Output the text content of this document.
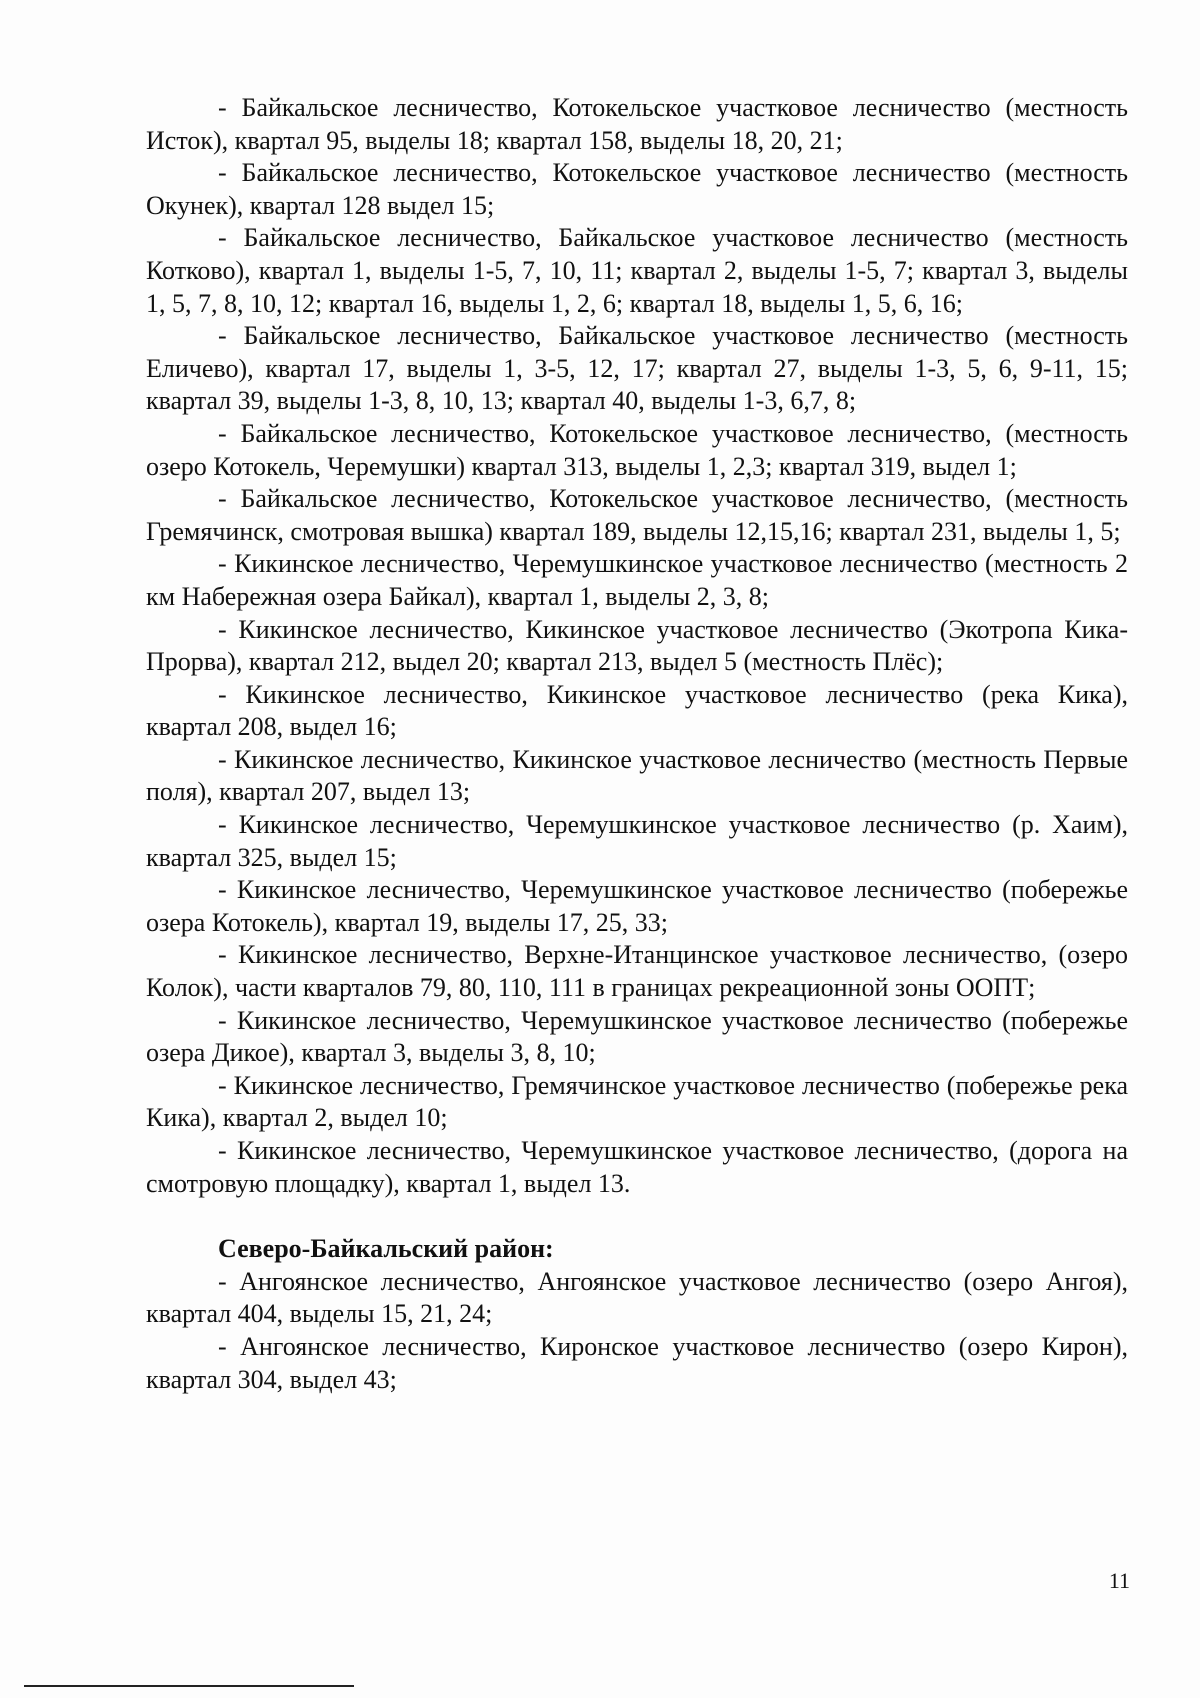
- Байкальское лесничество, Котокельское участковое лесничество (местность Исток), квартал 95, выделы 18; квартал 158, выделы 18, 20, 21;

- Байкальское лесничество, Котокельское участковое лесничество (местность Окунек), квартал 128 выдел 15;

- Байкальское лесничество, Байкальское участковое лесничество (местность Котково), квартал 1, выделы 1-5, 7, 10, 11; квартал 2, выделы 1-5, 7; квартал 3, выделы 1, 5, 7, 8, 10, 12; квартал 16, выделы 1, 2, 6; квартал 18, выделы 1, 5, 6, 16;

- Байкальское лесничество, Байкальское участковое лесничество (местность Еличево), квартал 17, выделы 1, 3-5, 12, 17; квартал 27, выделы 1-3, 5, 6, 9-11, 15; квартал 39, выделы 1-3, 8, 10, 13; квартал 40, выделы 1-3, 6,7, 8;

- Байкальское лесничество, Котокельское участковое лесничество, (местность озеро Котокель, Черемушки) квартал 313, выделы 1, 2,3; квартал 319, выдел 1;

- Байкальское лесничество, Котокельское участковое лесничество, (местность Гремячинск, смотровая вышка) квартал 189, выделы 12,15,16; квартал 231, выделы 1, 5;

- Кикинское лесничество, Черемушкинское участковое лесничество (местность 2 км Набережная озера Байкал), квартал 1, выделы 2, 3, 8;

- Кикинское лесничество, Кикинское участковое лесничество (Экотропа Кика-Прорва), квартал 212, выдел 20; квартал 213, выдел 5 (местность Плёс);

- Кикинское лесничество, Кикинское участковое лесничество (река Кика), квартал 208, выдел 16;

- Кикинское лесничество, Кикинское участковое лесничество (местность Первые поля), квартал 207, выдел 13;

- Кикинское лесничество, Черемушкинское участковое лесничество (р. Хаим), квартал 325, выдел 15;

- Кикинское лесничество, Черемушкинское участковое лесничество (побережье озера Котокель), квартал 19, выделы 17, 25, 33;

- Кикинское лесничество, Верхне-Итанцинское участковое лесничество, (озеро Колок), части кварталов 79, 80, 110, 111 в границах рекреационной зоны ООПТ;

- Кикинское лесничество, Черемушкинское участковое лесничество (побережье озера Дикое), квартал 3, выделы 3, 8, 10;

- Кикинское лесничество, Гремячинское участковое лесничество (побережье река Кика), квартал 2, выдел 10;

- Кикинское лесничество, Черемушкинское участковое лесничество, (дорога на смотровую площадку), квартал 1, выдел 13.

Северо-Байкальский район:

- Ангоянское лесничество, Ангоянское участковое лесничество (озеро Ангоя), квартал 404, выделы 15, 21, 24;

- Ангоянское лесничество, Киронское участковое лесничество (озеро Кирон), квартал 304, выдел 43;

11
